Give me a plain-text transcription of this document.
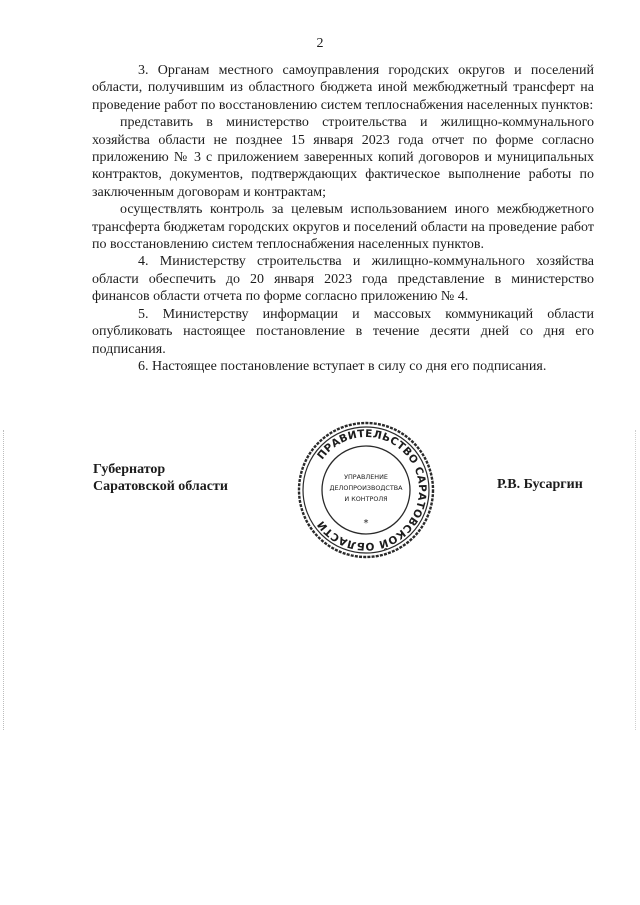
2

3. Органам местного самоуправления городских округов и поселений области, получившим из областного бюджета иной межбюджетный трансферт на проведение работ по восстановлению систем теплоснабжения населенных пунктов:

представить в министерство строительства и жилищно-коммунального хозяйства области не позднее 15 января 2023 года отчет по форме согласно приложению № 3 с приложением заверенных копий договоров и муниципальных контрактов, документов, подтверждающих фактическое выполнение работы по заключенным договорам и контрактам;

осуществлять контроль за целевым использованием иного межбюджетного трансферта бюджетам городских округов и поселений области на проведение работ по восстановлению систем теплоснабжения населенных пунктов.

4. Министерству строительства и жилищно-коммунального хозяйства области обеспечить до 20 января 2023 года представление в министерство финансов области отчета по форме согласно приложению № 4.

5. Министерству информации и массовых коммуникаций области опубликовать настоящее постановление в течение десяти дней со дня его подписания.

6. Настоящее постановление вступает в силу со дня его подписания.

Губернатор
Саратовской области	Р.В. Бусаргин
ПРАВИТЕЛЬСТВО САРАТОВСКОЙ ОБЛАСТИ
УПРАВЛЕНИЕ
ДЕЛОПРОИЗВОДСТВА
И КОНТРОЛЯ
*
